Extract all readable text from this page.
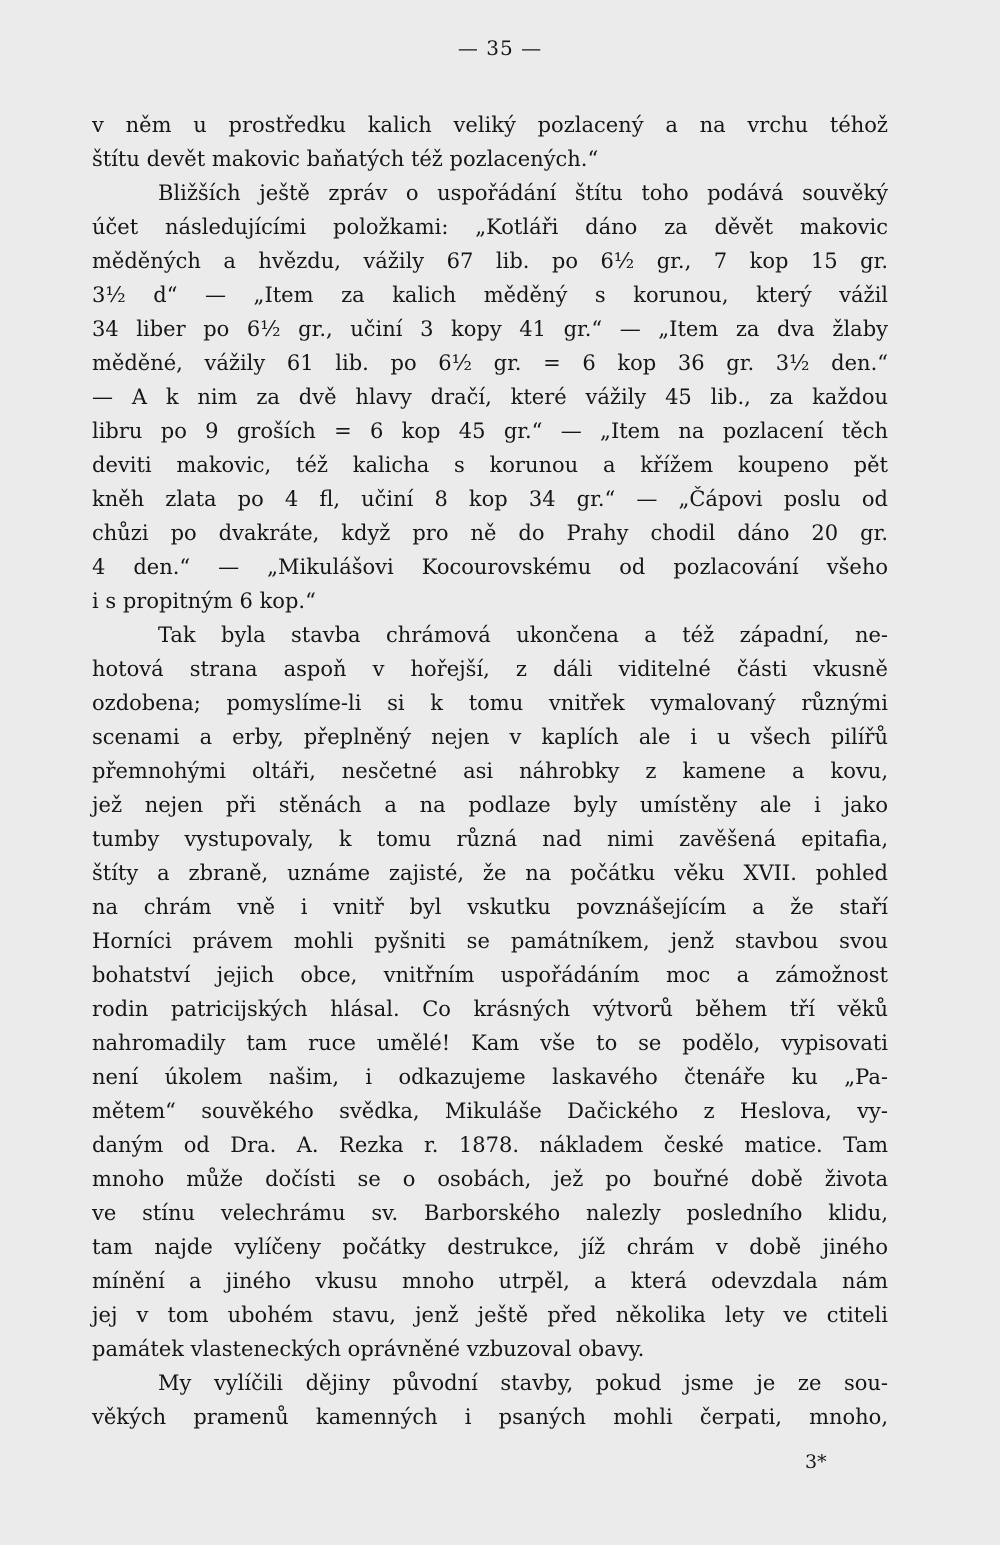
— 35 —
v něm u prostředku kalich veliký pozlacený a na vrchu téhož
štítu devět makovic baňatých též pozlacených.“
Bližších ještě zpráv o uspořádání štítu toho podává souvěký
účet následujícími položkami: „Kotláři dáno za děvět makovic
měděných a hvězdu, vážily 67 lib. po 6½ gr., 7 kop 15 gr.
3½ d“ — „Item za kalich měděný s korunou, který vážil
34 liber po 6½ gr., učiní 3 kopy 41 gr.“ — „Item za dva žlaby
měděné, vážily 61 lib. po 6½ gr. = 6 kop 36 gr. 3½ den.“
— A k nim za dvě hlavy dračí, které vážily 45 lib., za každou
libru po 9 groších = 6 kop 45 gr.“ — „Item na pozlacení těch
deviti makovic, též kalicha s korunou a křížem koupeno pět
kněh zlata po 4 fl, učiní 8 kop 34 gr.“ — „Čápovi poslu od
chůzi po dvakráte, když pro ně do Prahy chodil dáno 20 gr.
4 den.“ — „Mikulášovi Kocourovskému od pozlacování všeho
i s propitným 6 kop.“
Tak byla stavba chrámová ukončena a též západní, ne-
hotová strana aspoň v hořejší, z dáli viditelné části vkusně
ozdobena; pomyslíme-li si k tomu vnitřek vymalovaný různými
scenami a erby, přeplněný nejen v kaplích ale i u všech pilířů
přemnohými oltáři, nesčetné asi náhrobky z kamene a kovu,
jež nejen při stěnách a na podlaze byly umístěny ale i jako
tumby vystupovaly, k tomu různá nad nimi zavěšená epitafia,
štíty a zbraně, uznáme zajisté, že na počátku věku XVII. pohled
na chrám vně i vnitř byl vskutku povznášejícím a že staří
Horníci právem mohli pyšniti se památníkem, jenž stavbou svou
bohatství jejich obce, vnitřním uspořádáním moc a zámožnost
rodin patricijských hlásal. Co krásných výtvorů během tří věků
nahromadily tam ruce umělé! Kam vše to se podělo, vypisovati
není úkolem našim, i odkazujeme laskavého čtenáře ku „Pa-
mětem“ souvěkého svědka, Mikuláše Dačického z Heslova, vy-
daným od Dra. A. Rezka r. 1878. nákladem české matice. Tam
mnoho může dočísti se o osobách, jež po bouřné době života
ve stínu velechrámu sv. Barborského nalezly posledního klidu,
tam najde vylíčeny počátky destrukce, jíž chrám v době jiného
mínění a jiného vkusu mnoho utrpěl, a která odevzdala nám
jej v tom ubohém stavu, jenž ještě před několika lety ve ctiteli
památek vlasteneckých oprávněné vzbuzoval obavy.
My vylíčili dějiny původní stavby, pokud jsme je ze sou-
věkých pramenů kamenných i psaných mohli čerpati, mnoho,
3*
